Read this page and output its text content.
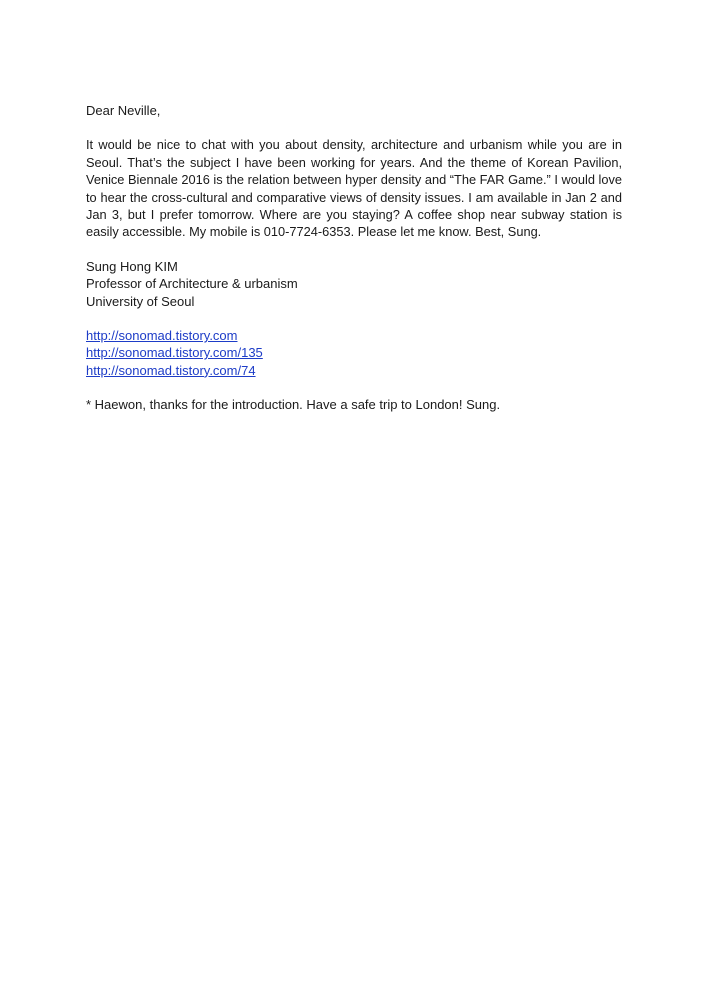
Dear Neville,

It would be nice to chat with you about density, architecture and urbanism while you are in Seoul. That’s the subject I have been working for years. And the theme of Korean Pavilion, Venice Biennale 2016 is the relation between hyper density and “The FAR Game.” I would love to hear the cross-cultural and comparative views of density issues. I am available in Jan 2 and Jan 3, but I prefer tomorrow. Where are you staying? A coffee shop near subway station is easily accessible. My mobile is 010-7724-6353. Please let me know. Best, Sung.

Sung Hong KIM
Professor of Architecture & urbanism
University of Seoul
http://sonomad.tistory.com
http://sonomad.tistory.com/135
http://sonomad.tistory.com/74

* Haewon, thanks for the introduction. Have a safe trip to London! Sung.
